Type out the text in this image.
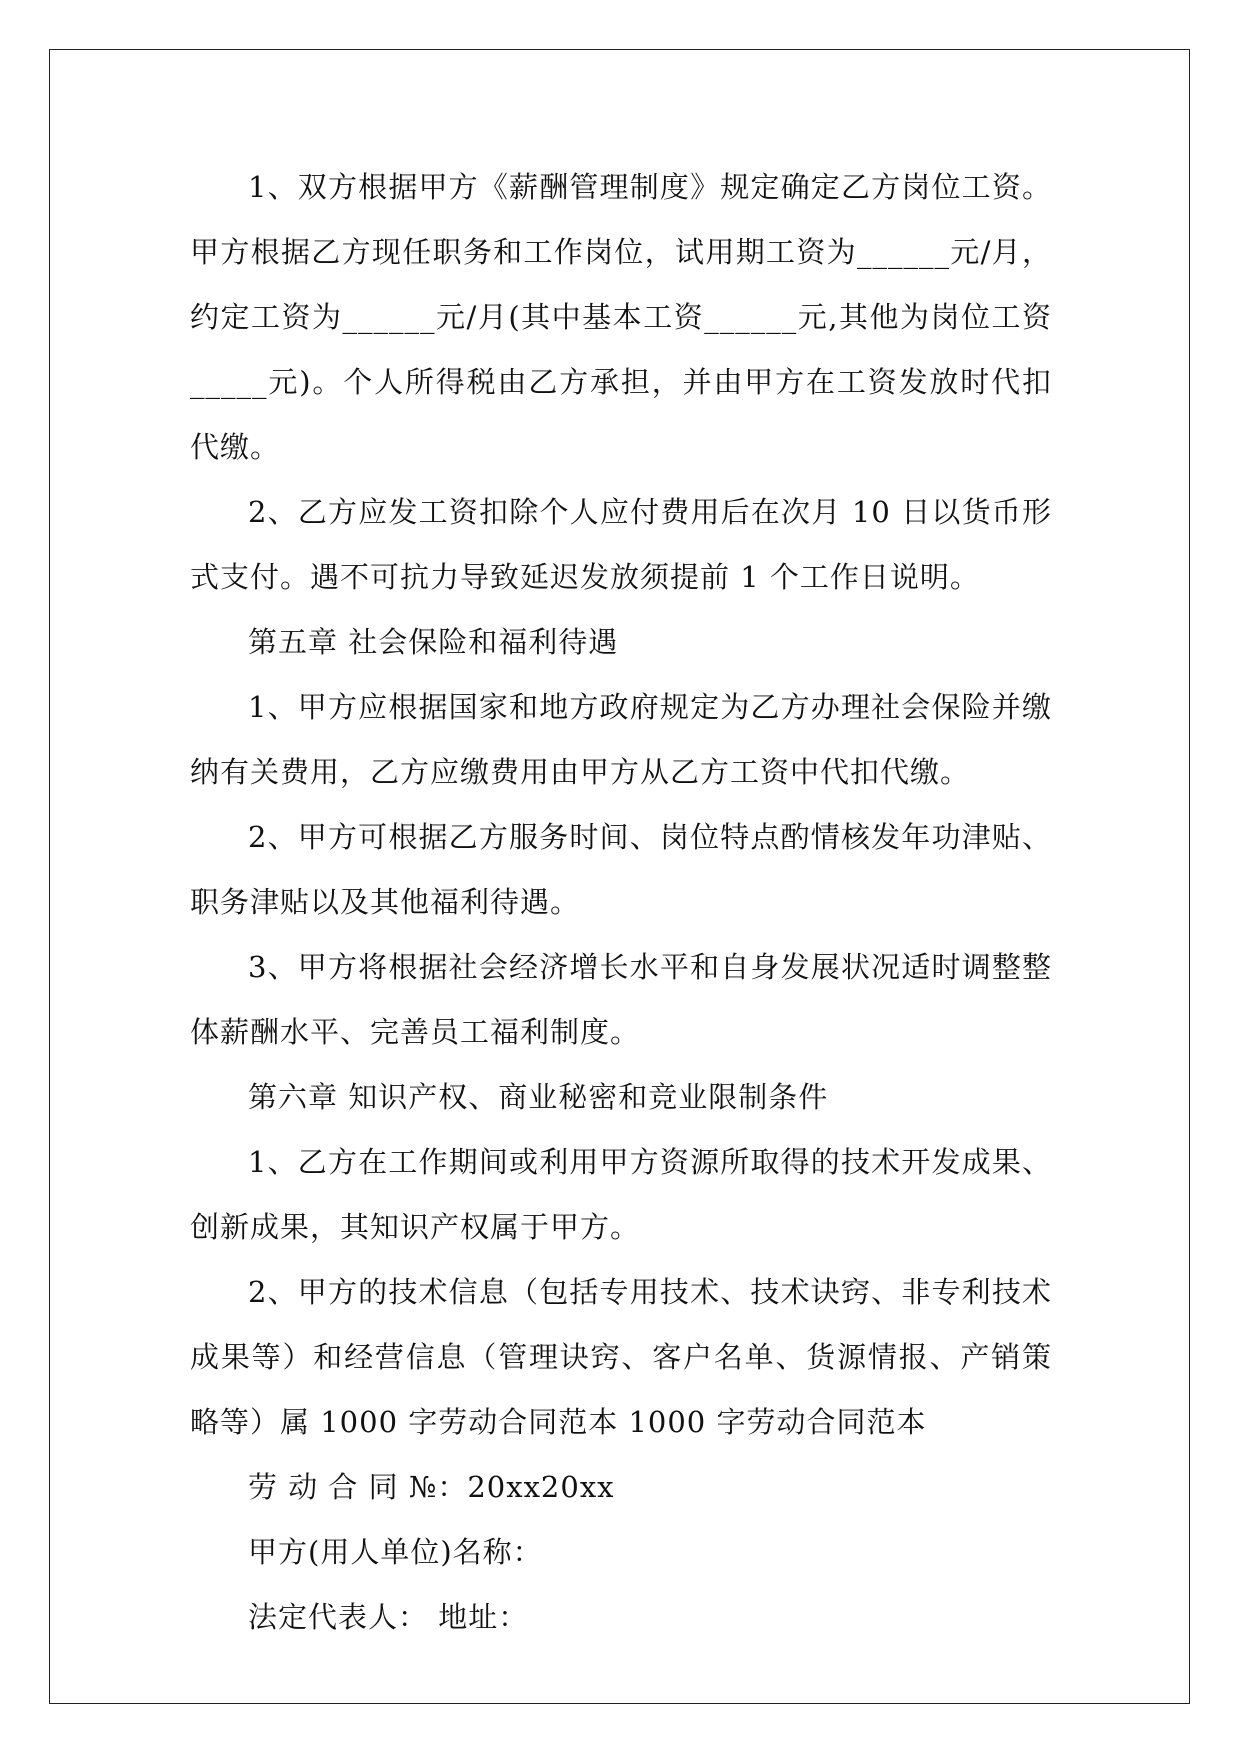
1、双方根据甲方《薪酬管理制度》规定确定乙方岗位工资。甲方根据乙方现任职务和工作岗位，试用期工资为______元/月，约定工资为______元/月(其中基本工资______元,其他为岗位工资_____元)。个人所得税由乙方承担，并由甲方在工资发放时代扣代缴。

2、乙方应发工资扣除个人应付费用后在次月 10 日以货币形式支付。遇不可抗力导致延迟发放须提前 1 个工作日说明。

第五章 社会保险和福利待遇

1、甲方应根据国家和地方政府规定为乙方办理社会保险并缴纳有关费用，乙方应缴费用由甲方从乙方工资中代扣代缴。

2、甲方可根据乙方服务时间、岗位特点酌情核发年功津贴、职务津贴以及其他福利待遇。

3、甲方将根据社会经济增长水平和自身发展状况适时调整整体薪酬水平、完善员工福利制度。

第六章 知识产权、商业秘密和竞业限制条件

1、乙方在工作期间或利用甲方资源所取得的技术开发成果、创新成果，其知识产权属于甲方。

2、甲方的技术信息（包括专用技术、技术诀窍、非专利技术成果等）和经营信息（管理诀窍、客户名单、货源情报、产销策略等）属 1000 字劳动合同范本 1000 字劳动合同范本

劳 动 合 同 №：20xx20xx

甲方(用人单位)名称：

法定代表人： 地址：
